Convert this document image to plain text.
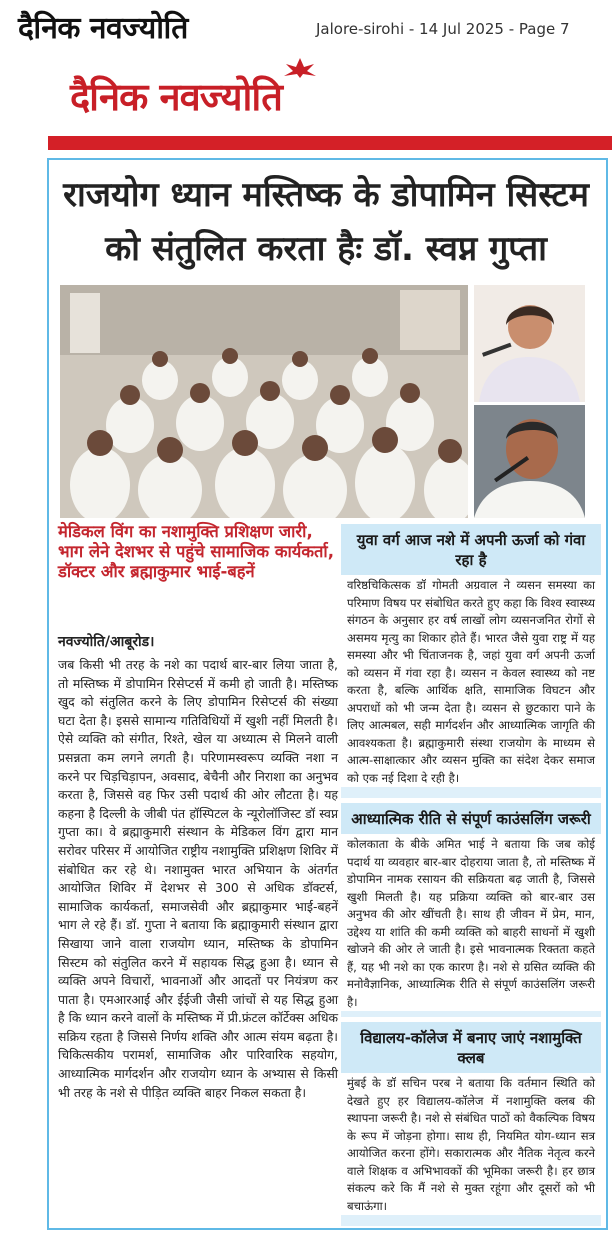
दैनिक नवज्योति	Jalore-sirohi - 14 Jul 2025 - Page 7
दैनिक नवज्योति
राजयोग ध्यान मस्तिष्क के डोपामिन सिस्टम को संतुलित करता हैः डॉ. स्वप्न गुप्ता
मेडिकल विंग का नशामुक्ति प्रशिक्षण जारी, भाग लेने देशभर से पहुंचे सामाजिक कार्यकर्ता, डॉक्टर और ब्रह्माकुमार भाई-बहनें
नवज्योति/आबूरोड।
जब किसी भी तरह के नशे का पदार्थ बार-बार लिया जाता है, तो मस्तिष्क में डोपामिन रिसेप्टर्स में कमी हो जाती है। मस्तिष्क खुद को संतुलित करने के लिए डोपामिन रिसेप्टर्स की संख्या घटा देता है। इससे सामान्य गतिविधियों में खुशी नहीं मिलती है। ऐसे व्यक्ति को संगीत, रिश्ते, खेल या अध्यात्म से मिलने वाली प्रसन्नता कम लगने लगती है। परिणामस्वरूप व्यक्ति नशा न करने पर चिड़चिड़ापन, अवसाद, बेचैनी और निराशा का अनुभव करता है, जिससे वह फिर उसी पदार्थ की ओर लौटता है। यह कहना है दिल्ली के जीबी पंत हॉस्पिटल के न्यूरोलॉजिस्ट डॉ स्वप्न गुप्ता का। वे ब्रह्माकुमारी संस्थान के मेडिकल विंग द्वारा मान सरोवर परिसर में आयोजित राष्ट्रीय नशामुक्ति प्रशिक्षण शिविर में संबोधित कर रहे थे। नशामुक्त भारत अभियान के अंतर्गत आयोजित शिविर में देशभर से 300 से अधिक डॉक्टर्स, सामाजिक कार्यकर्ता, समाजसेवी और ब्रह्माकुमार भाई-बहनें भाग ले रहे हैं। डॉ. गुप्ता ने बताया कि ब्रह्माकुमारी संस्थान द्वारा सिखाया जाने वाला राजयोग ध्यान, मस्तिष्क के डोपामिन सिस्टम को संतुलित करने में सहायक सिद्ध हुआ है। ध्यान से व्यक्ति अपने विचारों, भावनाओं और आदतों पर नियंत्रण कर पाता है। एमआरआई और ईईजी जैसी जांचों से यह सिद्ध हुआ है कि ध्यान करने वालों के मस्तिष्क में प्री.फ्रंटल कॉर्टेक्स अधिक सक्रिय रहता है जिससे निर्णय शक्ति और आत्म संयम बढ़ता है। चिकित्सकीय परामर्श, सामाजिक और पारिवारिक सहयोग, आध्यात्मिक मार्गदर्शन और राजयोग ध्यान के अभ्यास से किसी भी तरह के नशे से पीड़ित व्यक्ति बाहर निकल सकता है।
युवा वर्ग आज नशे में अपनी ऊर्जा को गंवा रहा है
वरिष्ठचिकित्सक डॉ गोमती अग्रवाल ने व्यसन समस्या का परिमाण विषय पर संबोधित करते हुए कहा कि विश्व स्वास्थ्य संगठन के अनुसार हर वर्ष लाखों लोग व्यसनजनित रोगों से असमय मृत्यु का शिकार होते हैं। भारत जैसे युवा राष्ट्र में यह समस्या और भी चिंताजनक है, जहां युवा वर्ग अपनी ऊर्जा को व्यसन में गंवा रहा है। व्यसन न केवल स्वास्थ्य को नष्ट करता है, बल्कि आर्थिक क्षति, सामाजिक विघटन और अपराधों को भी जन्म देता है। व्यसन से छुटकारा पाने के लिए आत्मबल, सही मार्गदर्शन और आध्यात्मिक जागृति की आवश्यकता है। ब्रह्माकुमारी संस्था राजयोग के माध्यम से आत्म-साक्षात्कार और व्यसन मुक्ति का संदेश देकर समाज को एक नई दिशा दे रही है।
आध्यात्मिक रीति से संपूर्ण काउंसलिंग जरूरी
कोलकाता के बीके अमित भाई ने बताया कि जब कोई पदार्थ या व्यवहार बार-बार दोहराया जाता है, तो मस्तिष्क में डोपामिन नामक रसायन की सक्रियता बढ़ जाती है, जिससे खुशी मिलती है। यह प्रक्रिया व्यक्ति को बार-बार उस अनुभव की ओर खींचती है। साथ ही जीवन में प्रेम, मान, उद्देश्य या शांति की कमी व्यक्ति को बाहरी साधनों में खुशी खोजने की ओर ले जाती है। इसे भावनात्मक रिक्तता कहते हैं, यह भी नशे का एक कारण है। नशे से ग्रसित व्यक्ति की मनोवैज्ञानिक, आध्यात्मिक रीति से संपूर्ण काउंसलिंग जरूरी है।
विद्यालय-कॉलेज में बनाए जाएं नशामुक्ति क्लब
मुंबई के डॉ सचिन परब ने बताया कि वर्तमान स्थिति को देखते हुए हर विद्यालय-कॉलेज में नशामुक्ति क्लब की स्थापना जरूरी है। नशे से संबंधित पाठों को वैकल्पिक विषय के रूप में जोड़ना होगा। साथ ही, नियमित योग-ध्यान सत्र आयोजित करना होंगे। सकारात्मक और नैतिक नेतृत्व करने वाले शिक्षक व अभिभावकों की भूमिका जरूरी है। हर छात्र संकल्प करे कि मैं नशे से मुक्त रहूंगा और दूसरों को भी बचाऊंगा।
